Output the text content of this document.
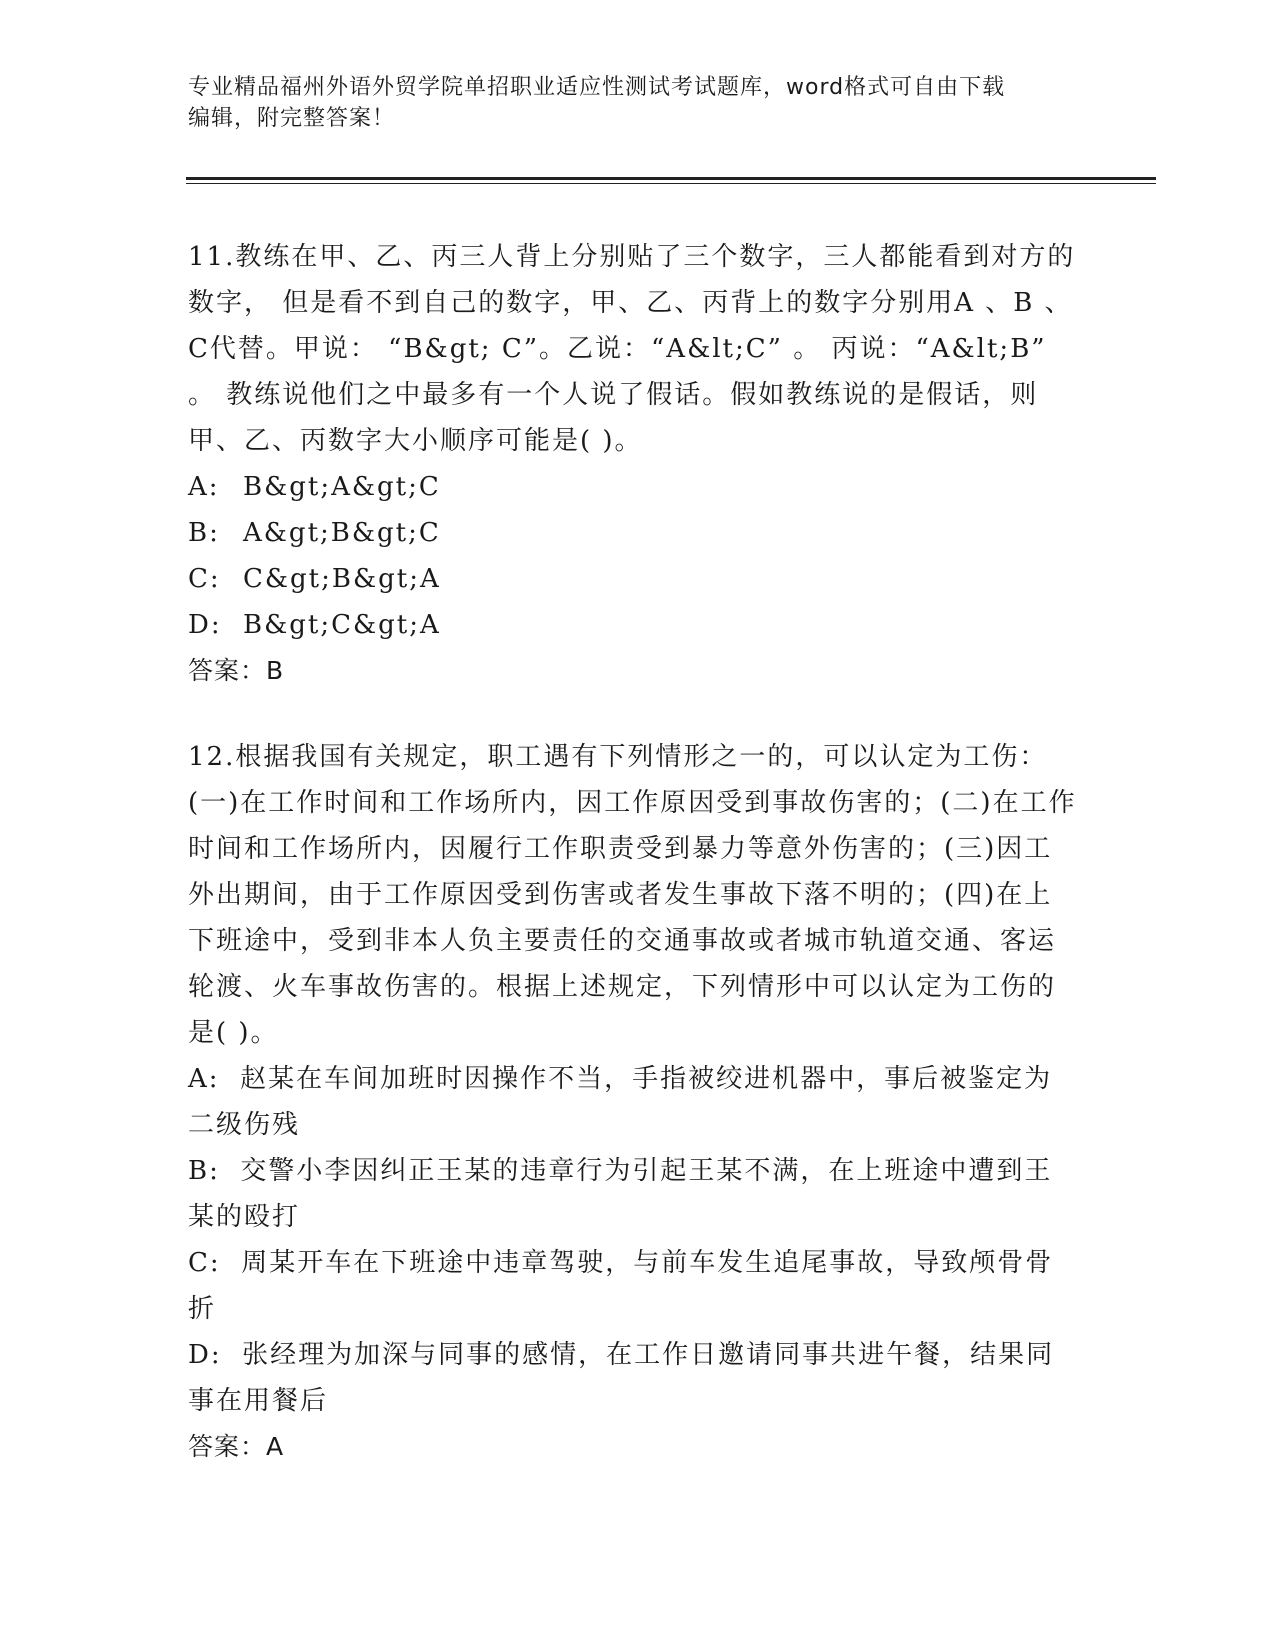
专业精品福州外语外贸学院单招职业适应性测试考试题库，word格式可自由下载
编辑，附完整答案！

11.教练在甲、乙、丙三人背上分别贴了三个数字，三人都能看到对方的数字， 但是看不到自己的数字，甲、乙、丙背上的数字分别用A 、B 、C代替。甲说： “B&gt; C”。乙说：“A&lt;C” 。 丙说：“A&lt;B” 。 教练说他们之中最多有一个人说了假话。假如教练说的是假话，则甲、乙、丙数字大小顺序可能是( )。

A: B&gt;A&gt;C

B: A&gt;B&gt;C

C: C&gt;B&gt;A

D: B&gt;C&gt;A

答案：B

12.根据我国有关规定，职工遇有下列情形之一的，可以认定为工伤：(一)在工作时间和工作场所内，因工作原因受到事故伤害的；(二)在工作时间和工作场所内，因履行工作职责受到暴力等意外伤害的；(三)因工外出期间，由于工作原因受到伤害或者发生事故下落不明的；(四)在上下班途中，受到非本人负主要责任的交通事故或者城市轨道交通、客运轮渡、火车事故伤害的。根据上述规定，下列情形中可以认定为工伤的是( )。

A: 赵某在车间加班时因操作不当，手指被绞进机器中，事后被鉴定为二级伤残

B: 交警小李因纠正王某的违章行为引起王某不满，在上班途中遭到王某的殴打

C: 周某开车在下班途中违章驾驶，与前车发生追尾事故，导致颅骨骨折

D: 张经理为加深与同事的感情，在工作日邀请同事共进午餐，结果同事在用餐后

答案：A
